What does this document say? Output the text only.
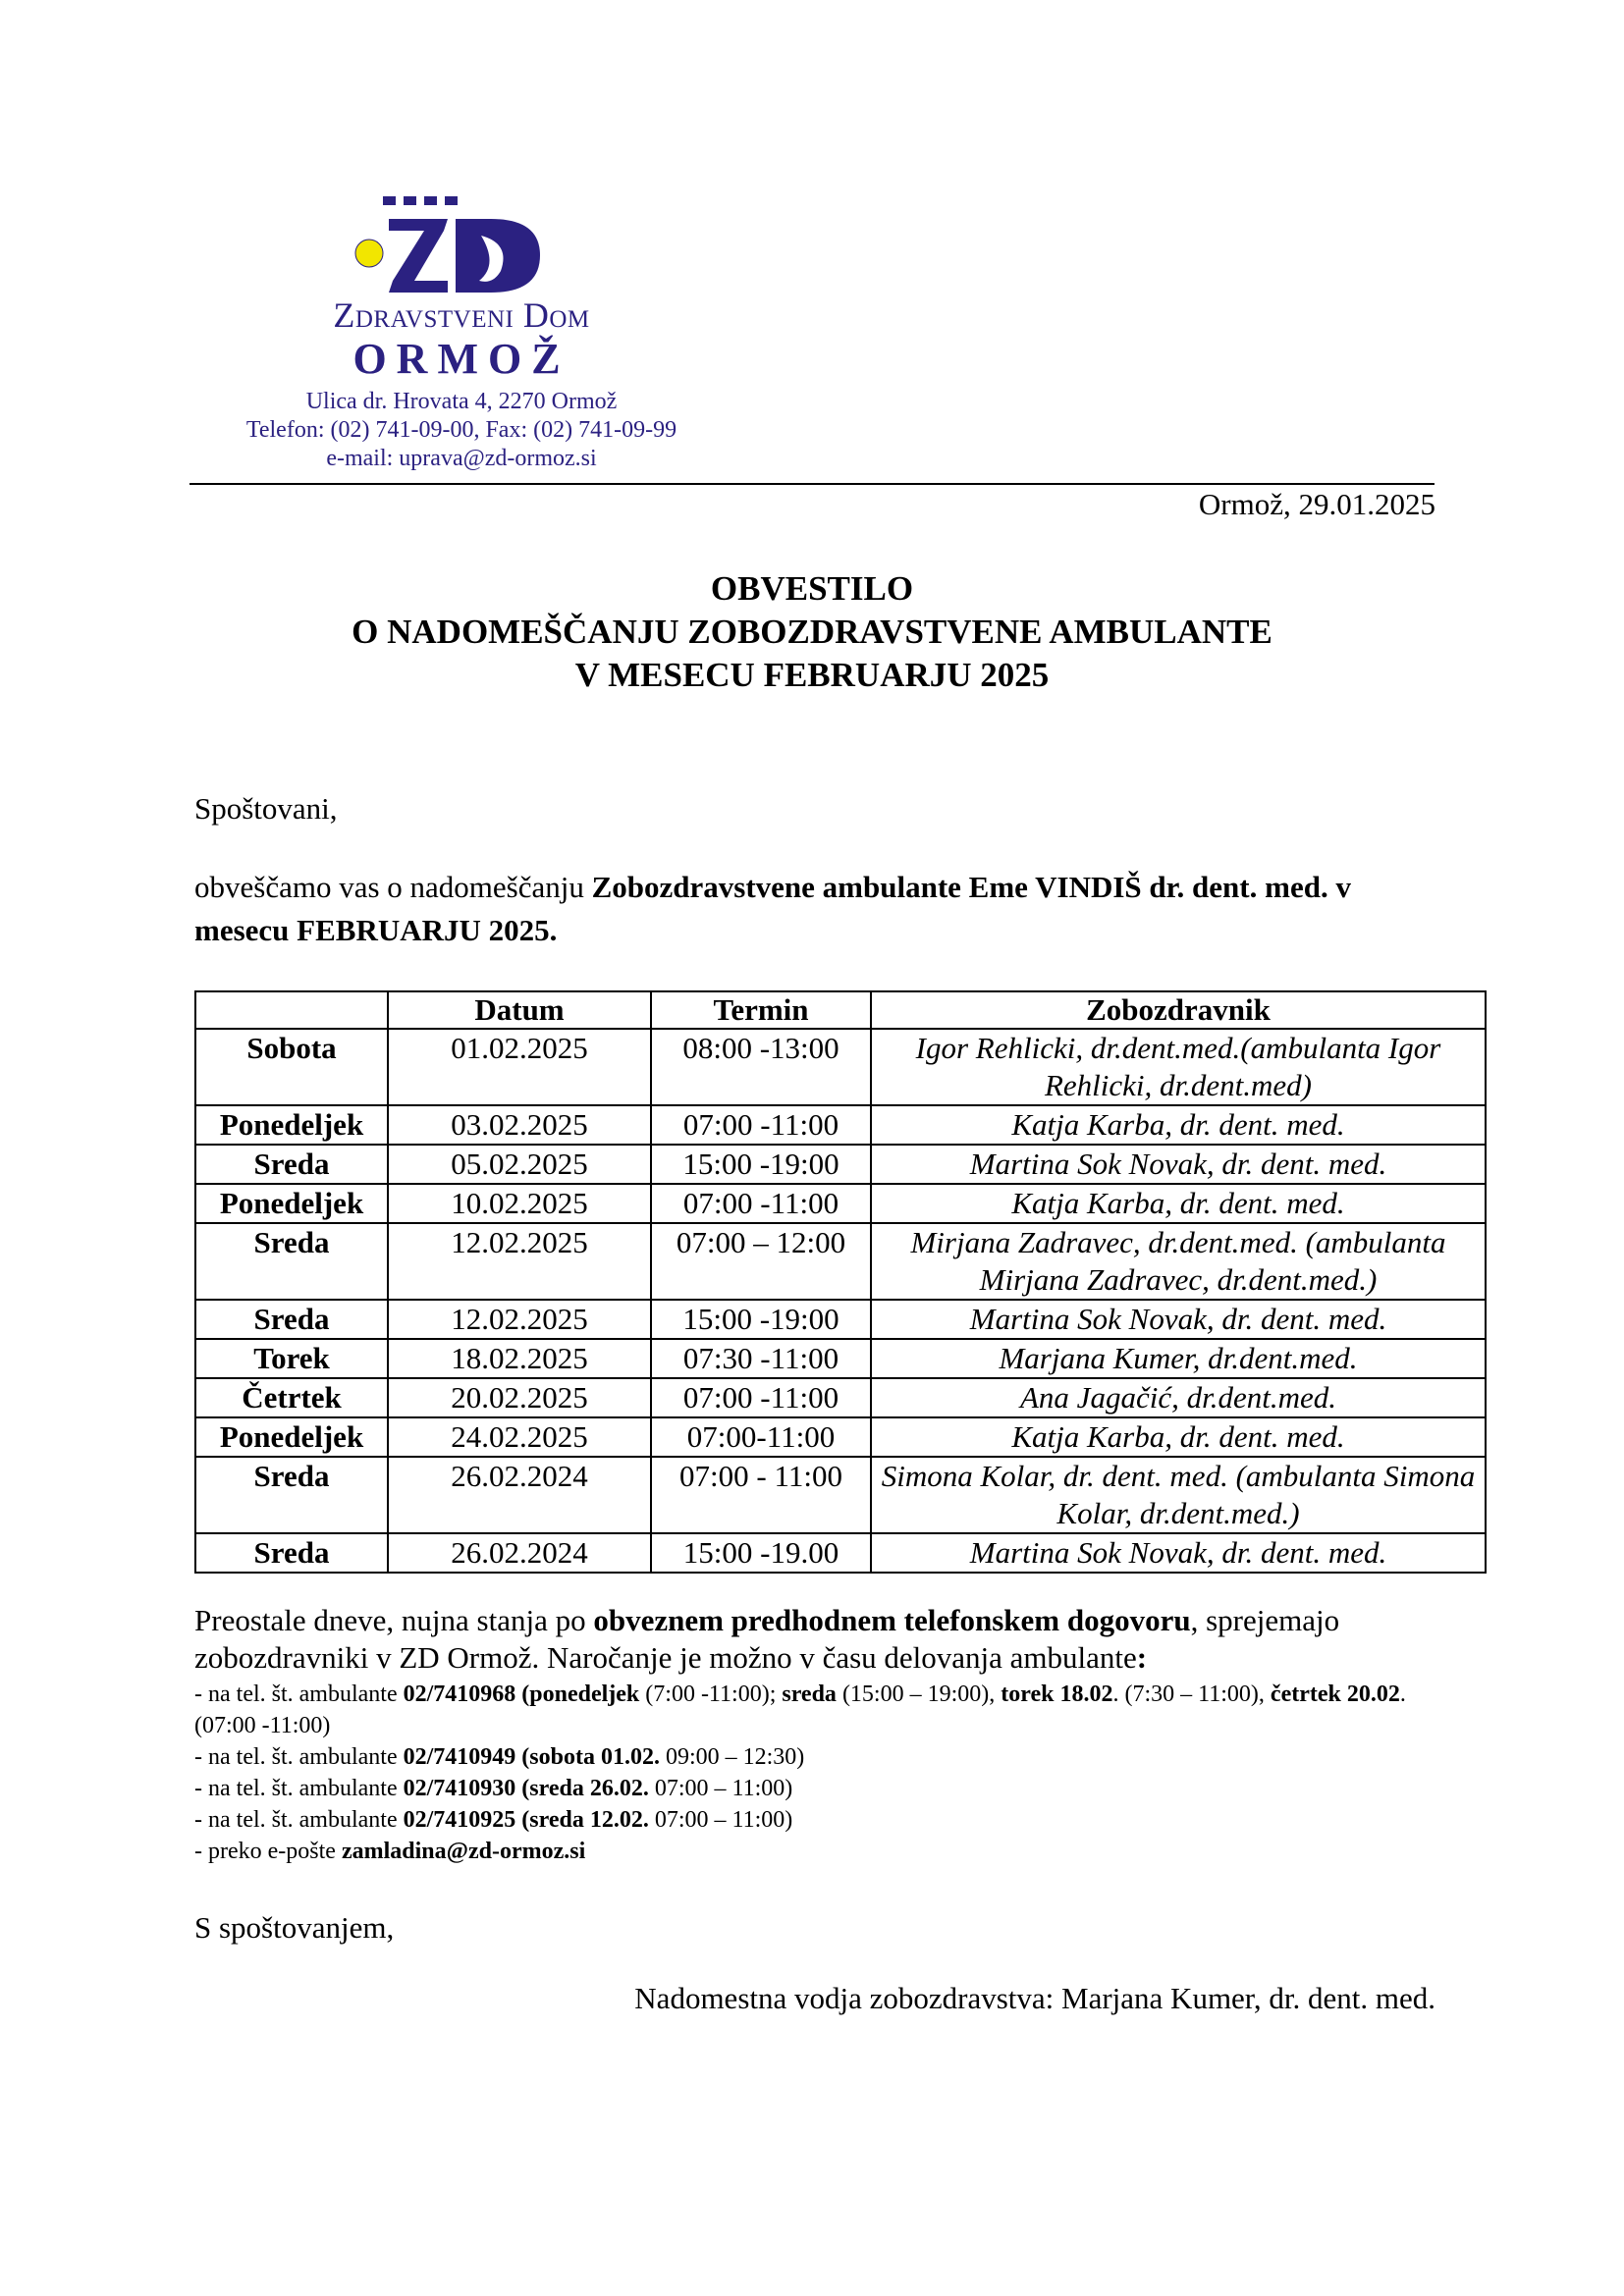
Zdravstveni Dom
ORMOŽ
Ulica dr. Hrovata 4, 2270 Ormož
Telefon: (02) 741-09-00, Fax: (02) 741-09-99
e-mail: uprava@zd-ormoz.si
Ormož, 29.01.2025
OBVESTILO
O NADOMEŠČANJU ZOBOZDRAVSTVENE AMBULANTE
V MESECU FEBRUARJU 2025
Spoštovani,
obveščamo vas o nadomeščanju Zobozdravstvene ambulante Eme VINDIŠ dr. dent. med. v mesecu FEBRUARJU 2025.
	Datum	Termin	Zobozdravnik
Sobota	01.02.2025	08:00 -13:00	Igor Rehlicki, dr.dent.med.(ambulanta Igor Rehlicki, dr.dent.med)
Ponedeljek	03.02.2025	07:00 -11:00	Katja Karba, dr. dent. med.
Sreda	05.02.2025	15:00 -19:00	Martina Sok Novak, dr. dent. med.
Ponedeljek	10.02.2025	07:00 -11:00	Katja Karba, dr. dent. med.
Sreda	12.02.2025	07:00 – 12:00	Mirjana Zadravec, dr.dent.med. (ambulanta Mirjana Zadravec, dr.dent.med.)
Sreda	12.02.2025	15:00 -19:00	Martina Sok Novak, dr. dent. med.
Torek	18.02.2025	07:30 -11:00	Marjana Kumer, dr.dent.med.
Četrtek	20.02.2025	07:00 -11:00	Ana Jagačić, dr.dent.med.
Ponedeljek	24.02.2025	07:00-11:00	Katja Karba, dr. dent. med.
Sreda	26.02.2024	07:00 - 11:00	Simona Kolar, dr. dent. med. (ambulanta Simona Kolar, dr.dent.med.)
Sreda	26.02.2024	15:00 -19.00	Martina Sok Novak, dr. dent. med.
Preostale dneve, nujna stanja po obveznem predhodnem telefonskem dogovoru, sprejemajo zobozdravniki v ZD Ormož. Naročanje je možno v času delovanja ambulante:
- na tel. št. ambulante 02/7410968 (ponedeljek (7:00 -11:00); sreda (15:00 – 19:00), torek 18.02. (7:30 – 11:00), četrtek 20.02. (07:00 -11:00)
- na tel. št. ambulante 02/7410949 (sobota 01.02. 09:00 – 12:30)
- na tel. št. ambulante 02/7410930 (sreda 26.02. 07:00 – 11:00)
- na tel. št. ambulante 02/7410925 (sreda 12.02. 07:00 – 11:00)
- preko e-pošte zamladina@zd-ormoz.si
S spoštovanjem,
Nadomestna vodja zobozdravstva: Marjana Kumer, dr. dent. med.
